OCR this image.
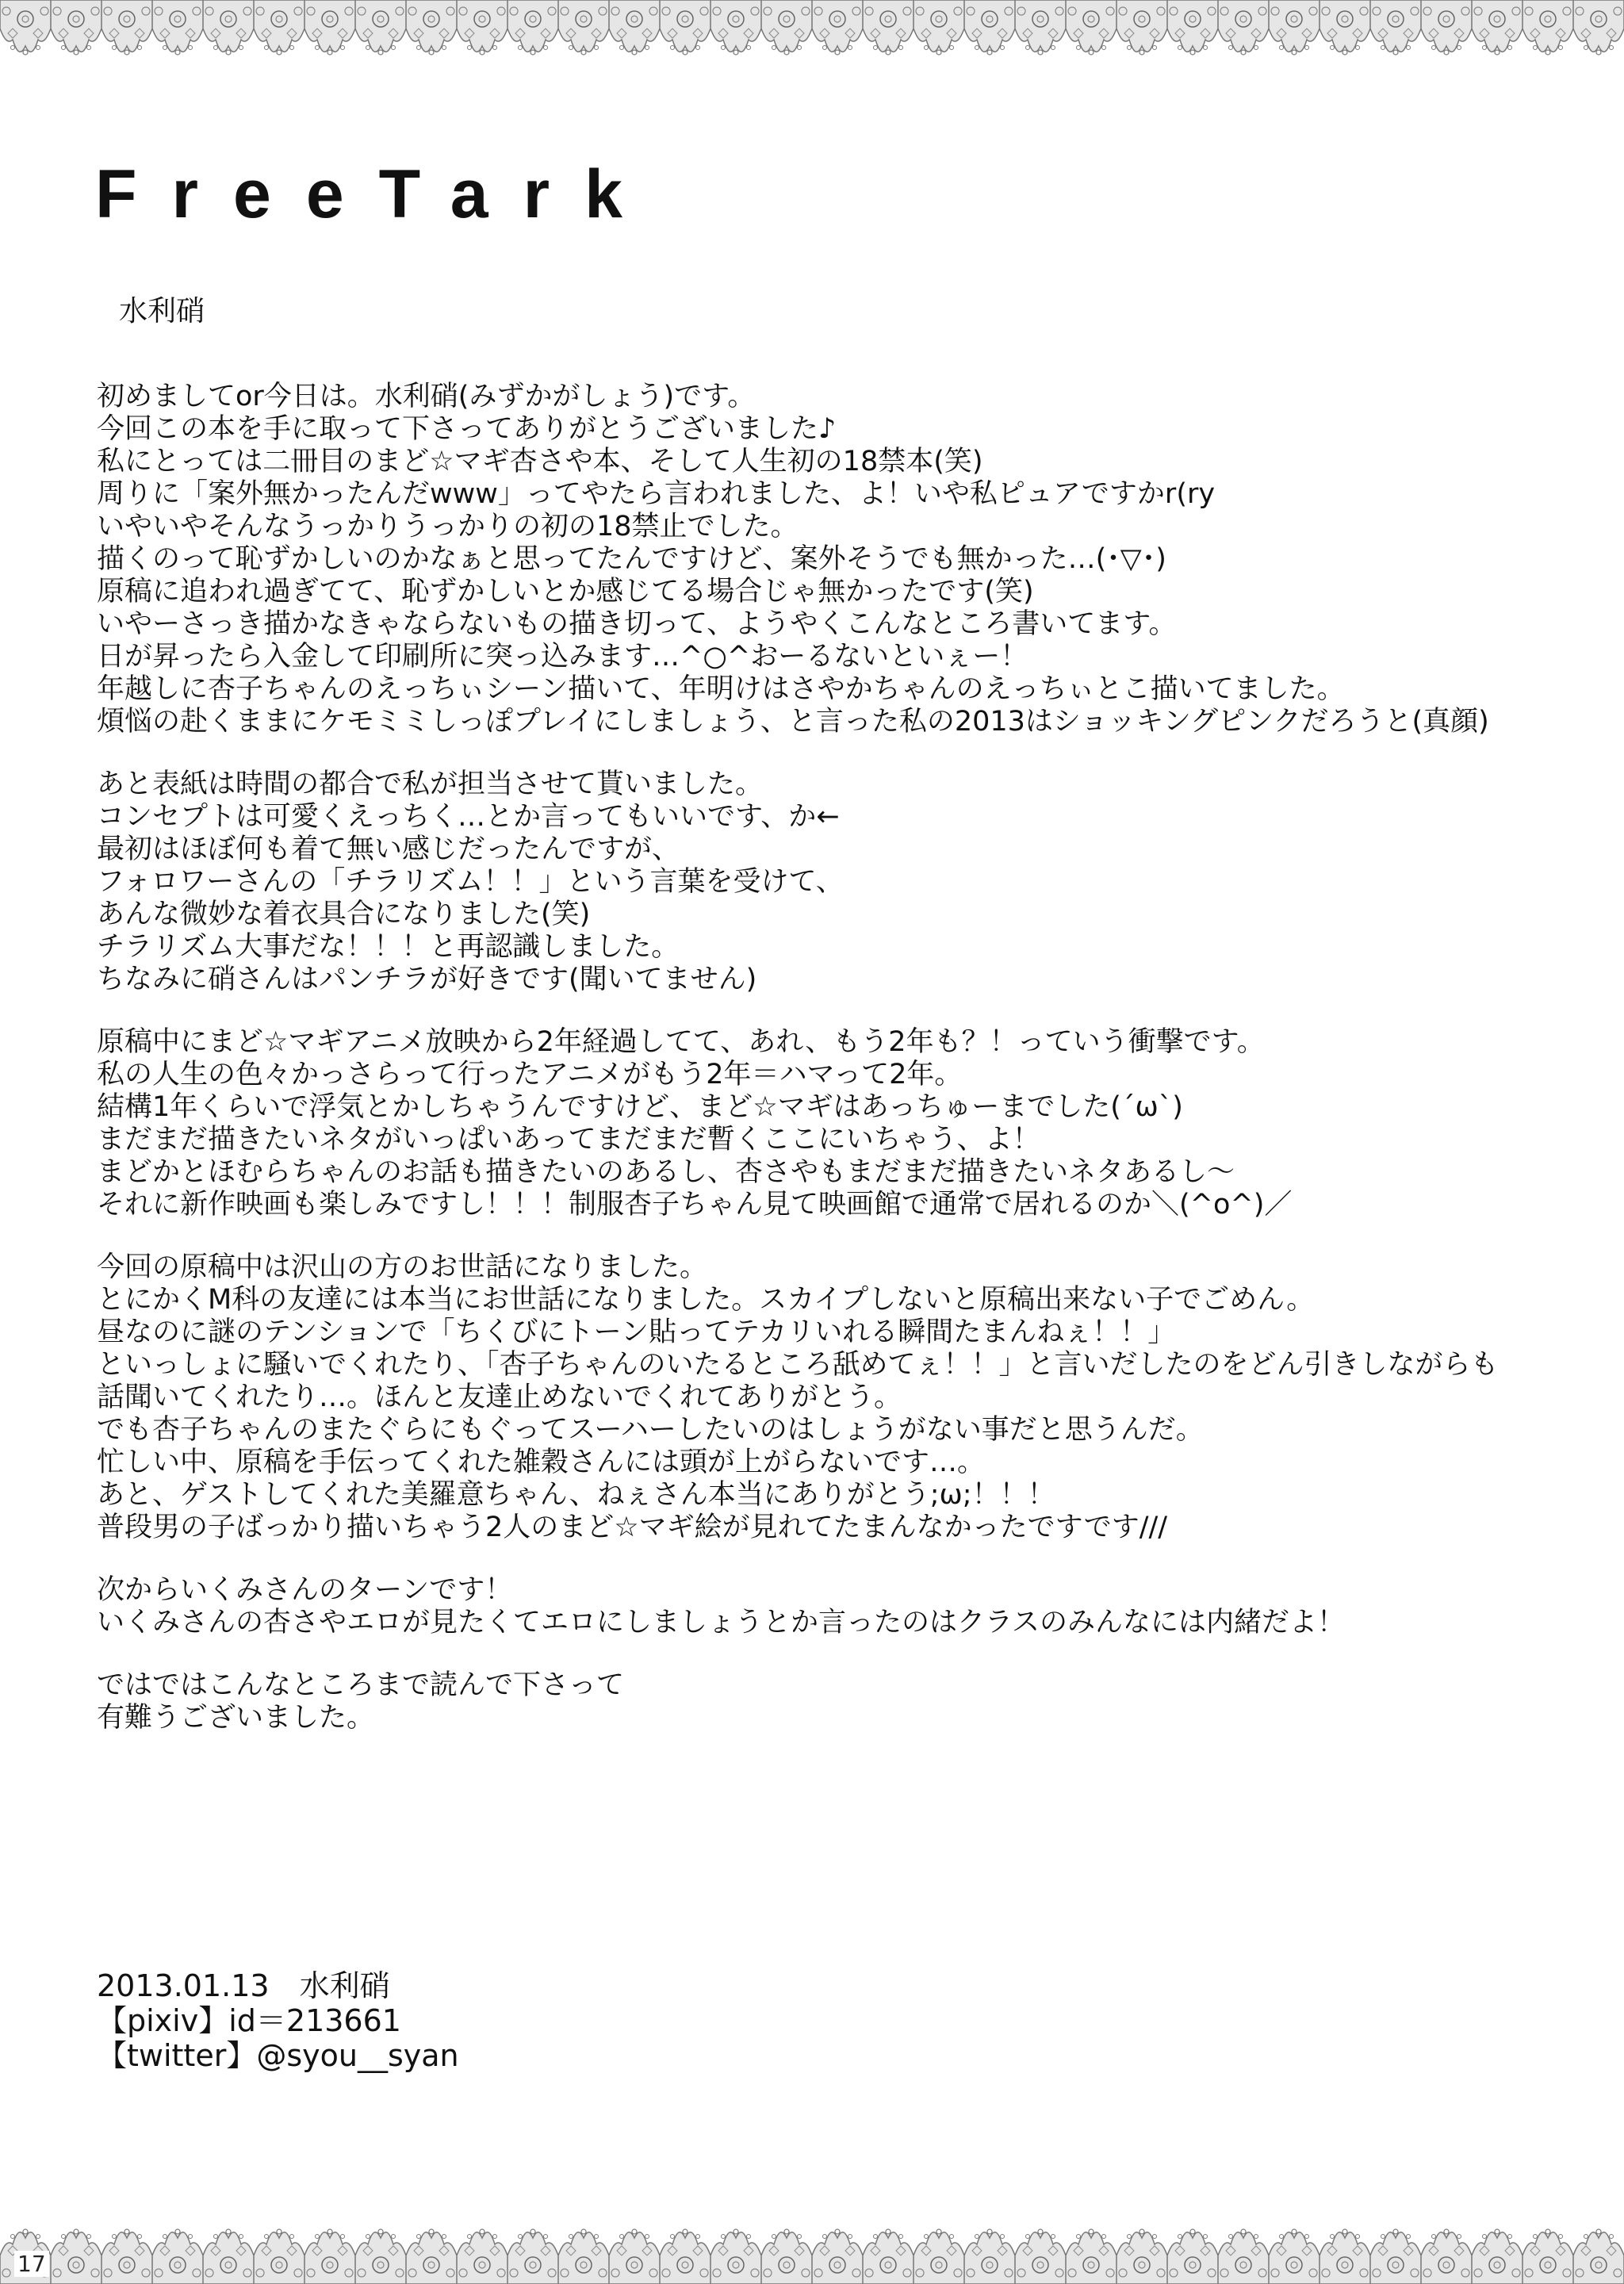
FreeTark
水利硝
初めましてor今日は。水利硝(みずかがしょう)です。
今回この本を手に取って下さってありがとうございました♪
私にとっては二冊目のまど☆マギ杏さや本、そして人生初の18禁本(笑)
周りに「案外無かったんだwww」ってやたら言われました、よ！いや私ピュアですかr(ry
いやいやそんなうっかりうっかりの初の18禁止でした。
描くのって恥ずかしいのかなぁと思ってたんですけど、案外そうでも無かった…(･▽･)
原稿に追われ過ぎてて、恥ずかしいとか感じてる場合じゃ無かったです(笑)
いやーさっき描かなきゃならないもの描き切って、ようやくこんなところ書いてます。
日が昇ったら入金して印刷所に突っ込みます…^○^おーるないといぇー！
年越しに杏子ちゃんのえっちぃシーン描いて、年明けはさやかちゃんのえっちぃとこ描いてました。
煩悩の赴くままにケモミミしっぽプレイにしましょう、と言った私の2013はショッキングピンクだろうと(真顔)
あと表紙は時間の都合で私が担当させて貰いました。
コンセプトは可愛くえっちく…とか言ってもいいです、か←
最初はほぼ何も着て無い感じだったんですが、
フォロワーさんの「チラリズム！！」という言葉を受けて、
あんな微妙な着衣具合になりました(笑)
チラリズム大事だな！！！と再認識しました。
ちなみに硝さんはパンチラが好きです(聞いてません)
原稿中にまど☆マギアニメ放映から2年経過してて、あれ、もう2年も？！っていう衝撃です。
私の人生の色々かっさらって行ったアニメがもう2年＝ハマって2年。
結構1年くらいで浮気とかしちゃうんですけど、まど☆マギはあっちゅーまでした(´ω`)
まだまだ描きたいネタがいっぱいあってまだまだ暫くここにいちゃう、よ！
まどかとほむらちゃんのお話も描きたいのあるし、杏さやもまだまだ描きたいネタあるし〜
それに新作映画も楽しみですし！！！制服杏子ちゃん見て映画館で通常で居れるのか＼(^o^)／
今回の原稿中は沢山の方のお世話になりました。
とにかくM科の友達には本当にお世話になりました。スカイプしないと原稿出来ない子でごめん。
昼なのに謎のテンションで「ちくびにトーン貼ってテカリいれる瞬間たまんねぇ！！」
といっしょに騒いでくれたり、「杏子ちゃんのいたるところ舐めてぇ！！」と言いだしたのをどん引きしながらも
話聞いてくれたり…。ほんと友達止めないでくれてありがとう。
でも杏子ちゃんのまたぐらにもぐってスーハーしたいのはしょうがない事だと思うんだ。
忙しい中、原稿を手伝ってくれた雑穀さんには頭が上がらないです…。
あと、ゲストしてくれた美羅意ちゃん、ねぇさん本当にありがとう;ω;！！！
普段男の子ばっかり描いちゃう2人のまど☆マギ絵が見れてたまんなかったですです///
次からいくみさんのターンです！
いくみさんの杏さやエロが見たくてエロにしましょうとか言ったのはクラスのみんなには内緒だよ！
ではではこんなところまで読んで下さって
有難うございました。
2013.01.13　水利硝
【pixiv】id＝213661
【twitter】@syou__syan
17
